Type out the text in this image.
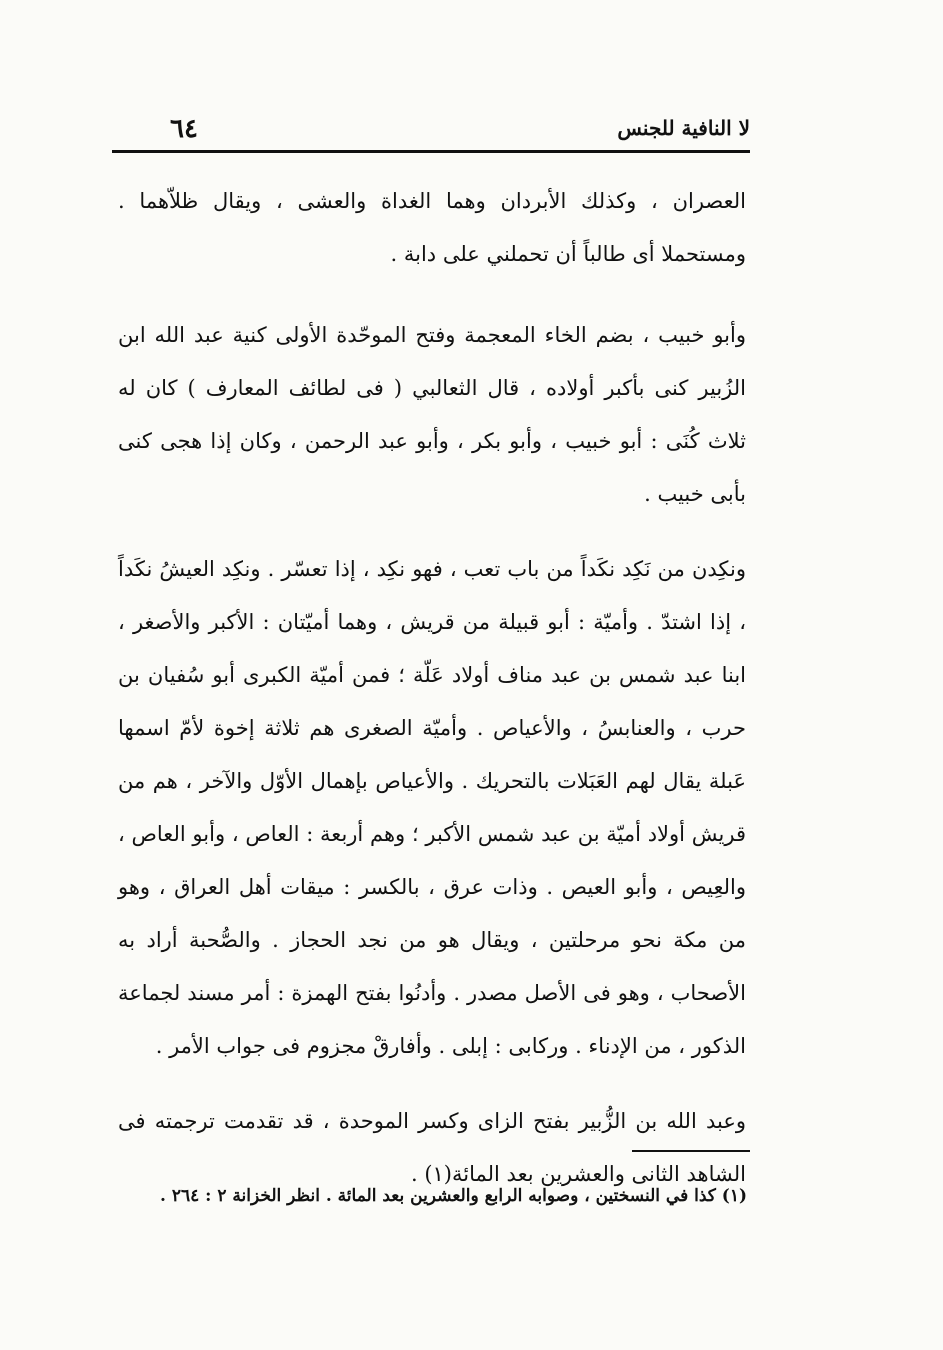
٦٤	لا النافية للجنس

العصران ، وكذلك الأبردان وهما الغداة والعشى ، ويقال ظلاّهما . ومستحملا أى طالباً أن تحملني على دابة .

وأبو خبيب ، بضم الخاء المعجمة وفتح الموحّدة الأولى كنية عبد الله ابن الزُبير كنى بأكبر أولاده ، قال الثعالبي ( فى لطائف المعارف ) كان له ثلاث كُنَى : أبو خبيب ، وأبو بكر ، وأبو عبد الرحمن ، وكان إذا هجى كنى بأبى خبيب .

ونكِدن من نَكِد نكَداً من باب تعب ، فهو نكِد ، إذا تعسّر . ونكِد العيشُ نكَداً ، إذا اشتدّ . وأميّة : أبو قبيلة من قريش ، وهما أميّتان : الأكبر والأصغر ، ابنا عبد شمس بن عبد مناف أولاد عَلّة ؛ فمن أميّة الكبرى أبو سُفيان بن حرب ، والعنابسُ ، والأعياص . وأميّة الصغرى هم ثلاثة إخوة لأمّ اسمها عَبلة يقال لهم العَبَلات بالتحريك . والأعياص بإهمال الأوّل والآخر ، هم من قريش أولاد أميّة بن عبد شمس الأكبر ؛ وهم أربعة : العاص ، وأبو العاص ، والعِيص ، وأبو العيص . وذات عرق ، بالكسر : ميقات أهل العراق ، وهو من مكة نحو مرحلتين ، ويقال هو من نجد الحجاز . والصُّحبة أراد به الأصحاب ، وهو فى الأصل مصدر . وأدنُوا بفتح الهمزة : أمر مسند لجماعة الذكور ، من الإدناء . وركابى : إبلى . وأفارقْ مجزوم فى جواب الأمر .

وعبد الله بن الزُّبير بفتح الزاى وكسر الموحدة ، قد تقدمت ترجمته فى الشاهد الثانى والعشرين بعد المائة(١) .

(١) كذا في النسختين ، وصوابه الرابع والعشرين بعد المائة . انظر الخزانة ٢ : ٢٦٤ .
